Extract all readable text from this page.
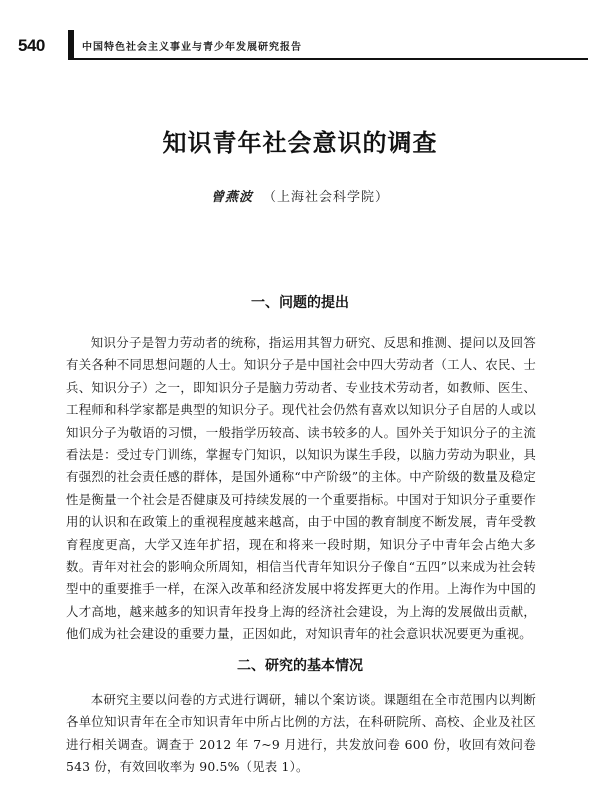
540	中国特色社会主义事业与青少年发展研究报告
知识青年社会意识的调查
曾燕波 （上海社会科学院）
一、问题的提出

知识分子是智力劳动者的统称，指运用其智力研究、反思和推测、提问以及回答有关各种不同思想问题的人士。知识分子是中国社会中四大劳动者（工人、农民、士兵、知识分子）之一，即知识分子是脑力劳动者、专业技术劳动者，如教师、医生、工程师和科学家都是典型的知识分子。现代社会仍然有喜欢以知识分子自居的人或以知识分子为敬语的习惯，一般指学历较高、读书较多的人。国外关于知识分子的主流看法是：受过专门训练，掌握专门知识，以知识为谋生手段，以脑力劳动为职业，具有强烈的社会责任感的群体，是国外通称“中产阶级”的主体。中产阶级的数量及稳定性是衡量一个社会是否健康及可持续发展的一个重要指标。中国对于知识分子重要作用的认识和在政策上的重视程度越来越高，由于中国的教育制度不断发展，青年受教育程度更高，大学又连年扩招，现在和将来一段时期，知识分子中青年会占绝大多数。青年对社会的影响众所周知，相信当代青年知识分子像自“五四”以来成为社会转型中的重要推手一样，在深入改革和经济发展中将发挥更大的作用。上海作为中国的人才高地，越来越多的知识青年投身上海的经济社会建设，为上海的发展做出贡献，他们成为社会建设的重要力量，正因如此，对知识青年的社会意识状况要更为重视。

二、研究的基本情况

本研究主要以问卷的方式进行调研，辅以个案访谈。课题组在全市范围内以判断各单位知识青年在全市知识青年中所占比例的方法，在科研院所、高校、企业及社区进行相关调查。调查于 2012 年 7~9 月进行，共发放问卷 600 份，收回有效问卷 543 份，有效回收率为 90.5%（见表 1）。
